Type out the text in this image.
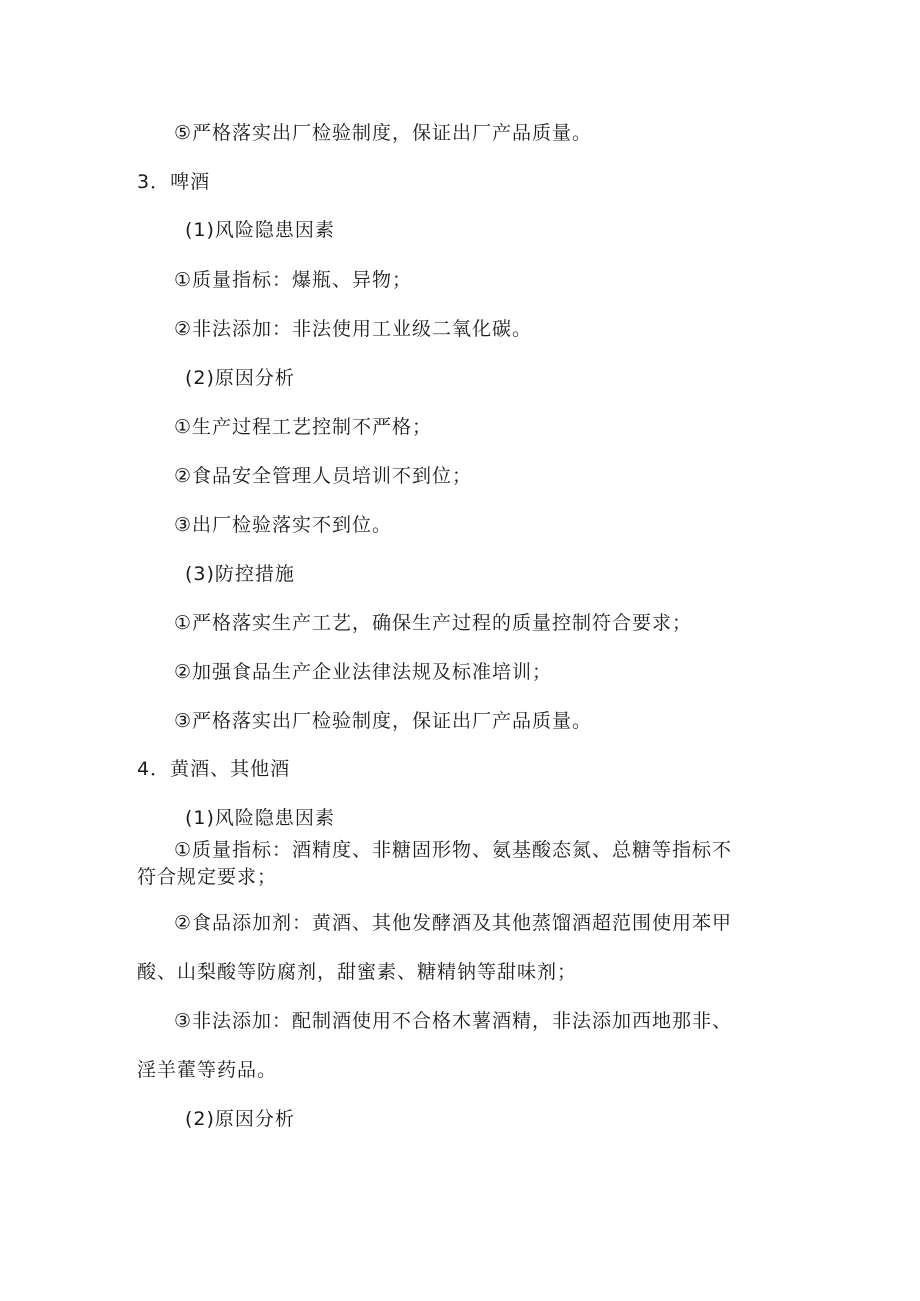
⑤严格落实出厂检验制度，保证出厂产品质量。
3．啤酒
(1)风险隐患因素
①质量指标：爆瓶、异物；
②非法添加：非法使用工业级二氧化碳。
(2)原因分析
①生产过程工艺控制不严格；
②食品安全管理人员培训不到位；
③出厂检验落实不到位。
(3)防控措施
①严格落实生产工艺，确保生产过程的质量控制符合要求；
②加强食品生产企业法律法规及标准培训；
③严格落实出厂检验制度，保证出厂产品质量。
4．黄酒、其他酒
(1)风险隐患因素
①质量指标：酒精度、非糖固形物、氨基酸态氮、总糖等指标不
符合规定要求；
②食品添加剂：黄酒、其他发酵酒及其他蒸馏酒超范围使用苯甲
酸、山梨酸等防腐剂，甜蜜素、糖精钠等甜味剂；
③非法添加：配制酒使用不合格木薯酒精，非法添加西地那非、
淫羊藿等药品。
(2)原因分析
